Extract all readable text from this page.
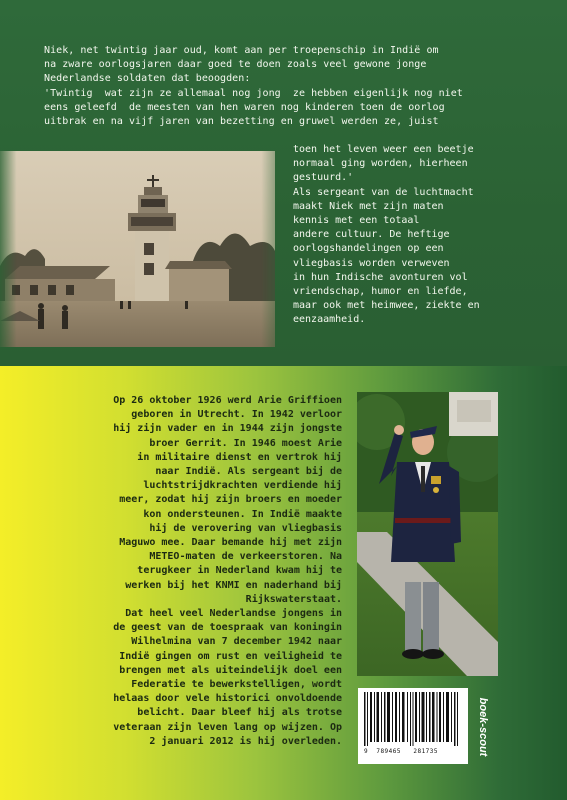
Niek, net twintig jaar oud, komt aan per troepenschip in Indië om
na zware oorlogsjaren daar goed te doen zoals veel gewone jonge
Nederlandse soldaten dat beoogden:
'Twintig  wat zijn ze allemaal nog jong  ze hebben eigenlijk nog niet
eens geleefd  de meesten van hen waren nog kinderen toen de oorlog
uitbrak en na vijf jaren van bezetting en gruwel werden ze, juist
toen het leven weer een beetje
normaal ging worden, hierheen
gestuurd.'
Als sergeant van de luchtmacht
maakt Niek met zijn maten
kennis met een totaal
andere cultuur. De heftige
oorlogshandelingen op een
vliegbasis worden verweven
in hun Indische avonturen vol
vriendschap, humor en liefde,
maar ook met heimwee, ziekte en
eenzaamheid.
Op 26 oktober 1926 werd Arie Griffioen
geboren in Utrecht. In 1942 verloor
hij zijn vader en in 1944 zijn jongste
broer Gerrit. In 1946 moest Arie
in militaire dienst en vertrok hij
naar Indië. Als sergeant bij de
luchtstrijdkrachten verdiende hij
meer, zodat hij zijn broers en moeder
kon ondersteunen. In Indië maakte
hij de verovering van vliegbasis
Maguwo mee. Daar bemande hij met zijn
METEO-maten de verkeerstoren. Na
terugkeer in Nederland kwam hij te
werken bij het KNMI en naderhand bij
Rijkswaterstaat.
Dat heel veel Nederlandse jongens in
de geest van de toespraak van koningin
Wilhelmina van 7 december 1942 naar
Indië gingen om rust en veiligheid te
brengen met als uiteindelijk doel een
Federatie te bewerkstelligen, wordt
helaas door vele historici onvoldoende
belicht. Daar bleef hij als trotse
veteraan zijn leven lang op wijzen. Op
2 januari 2012 is hij overleden.
9  789465   281735	boek-scout
